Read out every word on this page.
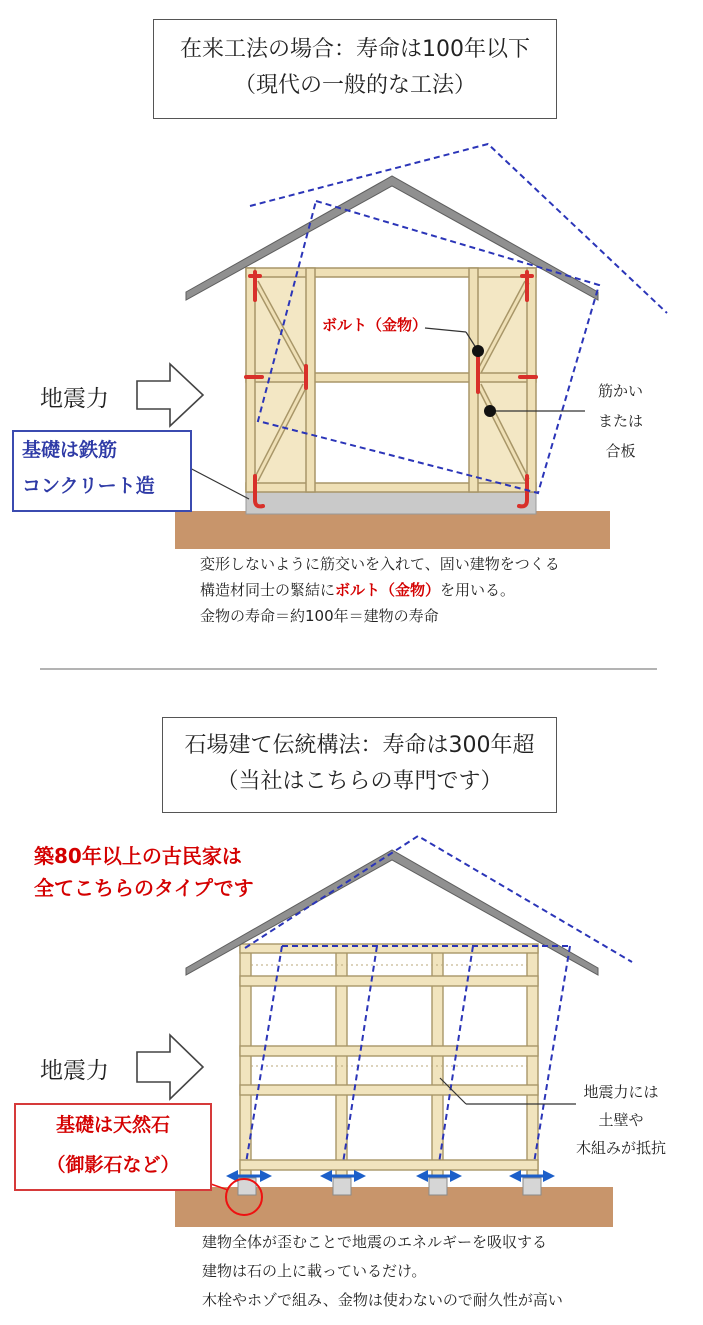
在来工法の場合：寿命は100年以下
（現代の一般的な工法）
ボルト（金物）
地震力	筋かい
または
合板
基礎は鉄筋
コンクリート造
変形しないように筋交いを入れて、固い建物をつくる
構造材同士の緊結にボルト（金物）を用いる。
金物の寿命＝約100年＝建物の寿命
石場建て伝統構法：寿命は300年超
（当社はこちらの専門です）
築80年以上の古民家は
全てこちらのタイプです
地震力
地震力には
土壁や
木組みが抵抗
基礎は天然石
（御影石など）
建物全体が歪むことで地震のエネルギーを吸収する
建物は石の上に載っているだけ。
木栓やホゾで組み、金物は使わないので耐久性が高い
